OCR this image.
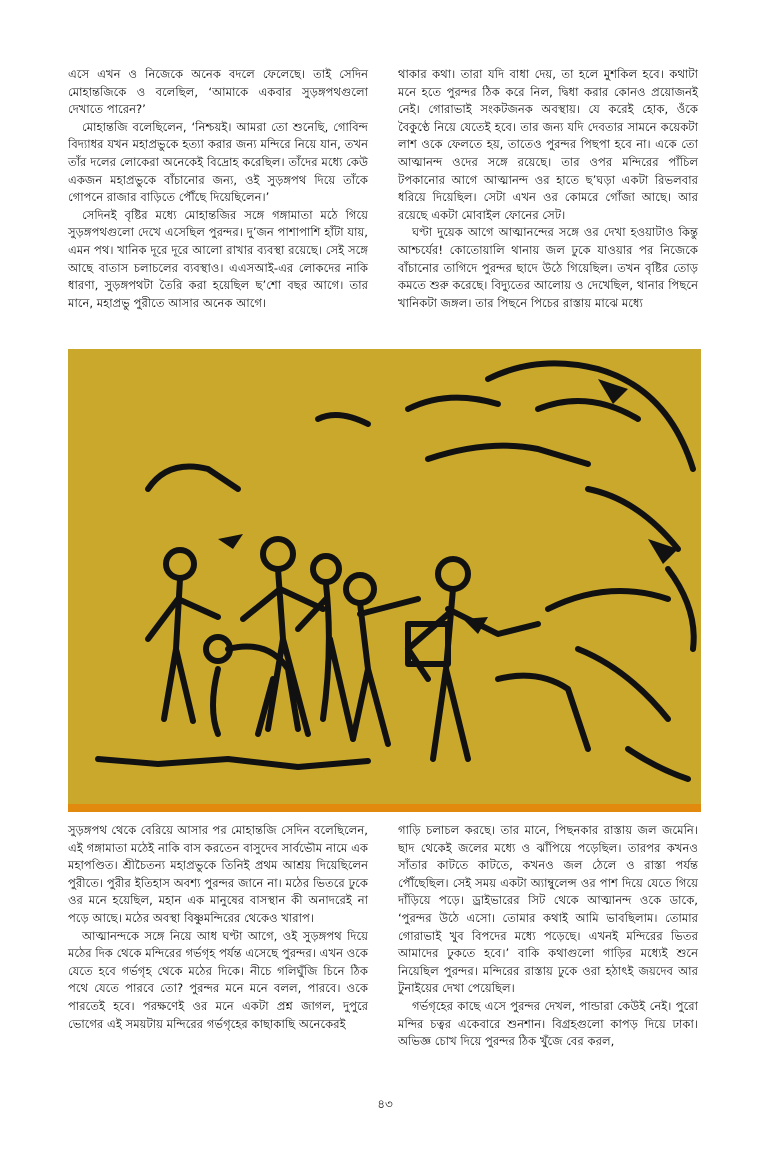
এসে এখন ও নিজেকে অনেক বদলে ফেলেছে। তাই সেদিন মোহান্তজিকে ও বলেছিল, ‘আমাকে একবার সুড়ঙ্গপথগুলো দেখাতে পারেন?’

মোহান্তজি বলেছিলেন, ‘নিশ্চয়ই। আমরা তো শুনেছি, গোবিন্দ বিদ্যাধর যখন মহাপ্রভুকে হত্যা করার জন্য মন্দিরে নিয়ে যান, তখন তাঁর দলের লোকেরা অনেকেই বিদ্রোহ করেছিল। তাঁদের মধ্যে কেউ একজন মহাপ্রভুকে বাঁচানোর জন্য, ওই সুড়ঙ্গপথ দিয়ে তাঁকে গোপনে রাজার বাড়িতে পৌঁছে দিয়েছিলেন।’

সেদিনই বৃষ্টির মধ্যে মোহান্তজির সঙ্গে গঙ্গামাতা মঠে গিয়ে সুড়ঙ্গপথগুলো দেখে এসেছিল পুরন্দর। দু’জন পাশাপাশি হাঁটা যায়, এমন পথ। খানিক দূরে দূরে আলো রাখার ব্যবস্থা রয়েছে। সেই সঙ্গে আছে বাতাস চলাচলের ব্যবস্থাও। এএসআই-এর লোকদের নাকি ধারণা, সুড়ঙ্গপথটা তৈরি করা হয়েছিল ছ’শো বছর আগে। তার মানে, মহাপ্রভু পুরীতে আসার অনেক আগে।

থাকার কথা। তারা যদি বাধা দেয়, তা হলে মুশকিল হবে। কথাটা মনে হতে পুরন্দর ঠিক করে নিল, দ্বিধা করার কোনও প্রয়োজনই নেই। গোরাভাই সংকটজনক অবস্থায়। যে করেই হোক, ওঁকে বৈকুণ্ঠে নিয়ে যেতেই হবে। তার জন্য যদি দেবতার সামনে কয়েকটা লাশ ওকে ফেলতে হয়, তাতেও পুরন্দর পিছপা হবে না। একে তো আত্মানন্দ ওদের সঙ্গে রয়েছে। তার ওপর মন্দিরের পাঁচিল টপকানোর আগে আত্মানন্দ ওর হাতে ছ’ঘড়া একটা রিভলবার ধরিয়ে দিয়েছিল। সেটা এখন ওর কোমরে গোঁজা আছে। আর রয়েছে একটা মোবাইল ফোনের সেট।

ঘণ্টা দুয়েক আগে আত্মানন্দের সঙ্গে ওর দেখা হওয়াটাও কিন্তু আশ্চর্যের! কোতোয়ালি থানায় জল ঢুকে যাওয়ার পর নিজেকে বাঁচানোর তাগিদে পুরন্দর ছাদে উঠে গিয়েছিল। তখন বৃষ্টির তোড় কমতে শুরু করেছে। বিদ্যুতের আলোয় ও দেখেছিল, থানার পিছনে খানিকটা জঙ্গল। তার পিছনে পিচের রাস্তায় মাঝে মধ্যে

সুড়ঙ্গপথ থেকে বেরিয়ে আসার পর মোহান্তজি সেদিন বলেছিলেন, এই গঙ্গামাতা মঠেই নাকি বাস করতেন বাসুদেব সার্বভৌম নামে এক মহাপণ্ডিত। শ্রীচৈতন্য মহাপ্রভুকে তিনিই প্রথম আশ্রয় দিয়েছিলেন পুরীতে। পুরীর ইতিহাস অবশ্য পুরন্দর জানে না। মঠের ভিতরে ঢুকে ওর মনে হয়েছিল, মহান এক মানুষের বাসস্থান কী অনাদরেই না পড়ে আছে। মঠের অবস্থা বিষ্ণুমন্দিরের থেকেও খারাপ।

আত্মানন্দকে সঙ্গে নিয়ে আধ ঘণ্টা আগে, ওই সুড়ঙ্গপথ দিয়ে মঠের দিক থেকে মন্দিরের গর্ভগৃহ পর্যন্ত এসেছে পুরন্দর। এখন ওকে যেতে হবে গর্ভগৃহ থেকে মঠের দিকে। নীচে গলিঘুঁজি চিনে ঠিক পথে যেতে পারবে তো? পুরন্দর মনে মনে বলল, পারবে। ওকে পারতেই হবে। পরক্ষণেই ওর মনে একটা প্রশ্ন জাগল, দুপুরে ভোগের এই সময়টায় মন্দিরের গর্ভগৃহের কাছাকাছি অনেকেরই

গাড়ি চলাচল করছে। তার মানে, পিছনকার রাস্তায় জল জমেনি। ছাদ থেকেই জলের মধ্যে ও ঝাঁপিয়ে পড়েছিল। তারপর কখনও সাঁতার কাটতে কাটতে, কখনও জল ঠেলে ও রাস্তা পর্যন্ত পৌঁছেছিল। সেই সময় একটা অ্যাম্বুলেন্স ওর পাশ দিয়ে যেতে গিয়ে দাঁড়িয়ে পড়ে। ড্রাইভারের সিট থেকে আত্মানন্দ ওকে ডাকে, ‘পুরন্দর উঠে এসো। তোমার কথাই আমি ভাবছিলাম। তোমার গোরাভাই খুব বিপদের মধ্যে পড়েছে। এখনই মন্দিরের ভিতর আমাদের ঢুকতে হবে।’ বাকি কথাগুলো গাড়ির মধ্যেই শুনে নিয়েছিল পুরন্দর। মন্দিরের রাস্তায় ঢুকে ওরা হঠাৎই জয়দেব আর টুনাইয়ের দেখা পেয়েছিল।

গর্ভগৃহের কাছে এসে পুরন্দর দেখল, পান্ডারা কেউই নেই। পুরো মন্দির চত্বর একেবারে শুনশান। বিগ্রহগুলো কাপড় দিয়ে ঢাকা। অভিজ্ঞ চোখ দিয়ে পুরন্দর ঠিক খুঁজে বের করল,

৪৩
